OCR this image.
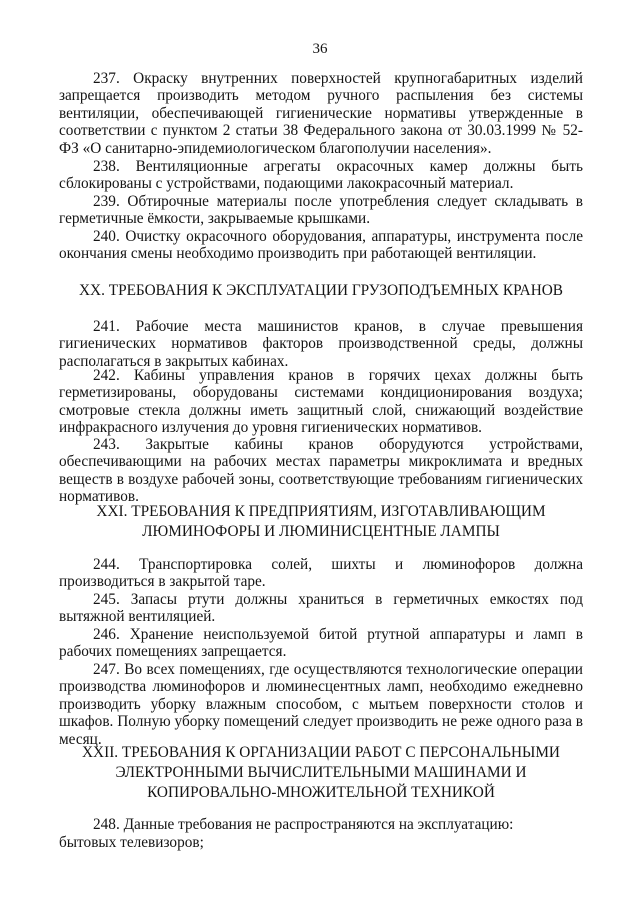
36
237. Окраску внутренних поверхностей крупногабаритных изделий запрещается производить методом ручного распыления без системы вентиляции, обеспечивающей гигиенические нормативы утвержденные в соответствии с пунктом 2 статьи 38 Федерального закона от 30.03.1999 № 52-ФЗ «О санитарно-эпидемиологическом благополучии населения».
238. Вентиляционные агрегаты окрасочных камер должны быть сблокированы с устройствами, подающими лакокрасочный материал.
239. Обтирочные материалы после употребления следует складывать в герметичные ёмкости, закрываемые крышками.
240. Очистку окрасочного оборудования, аппаратуры, инструмента после окончания смены необходимо производить при работающей вентиляции.
XX. ТРЕБОВАНИЯ К ЭКСПЛУАТАЦИИ ГРУЗОПОДЪЕМНЫХ КРАНОВ
241. Рабочие места машинистов кранов, в случае превышения гигиенических нормативов факторов производственной среды, должны располагаться в закрытых кабинах.
242. Кабины управления кранов в горячих цехах должны быть герметизированы, оборудованы системами кондиционирования воздуха; смотровые стекла должны иметь защитный слой, снижающий воздействие инфракрасного излучения до уровня гигиенических нормативов.
243. Закрытые кабины кранов оборудуются устройствами, обеспечивающими на рабочих местах параметры микроклимата и вредных веществ в воздухе рабочей зоны, соответствующие требованиям гигиенических нормативов.
XXI. ТРЕБОВАНИЯ К ПРЕДПРИЯТИЯМ, ИЗГОТАВЛИВАЮЩИМ
ЛЮМИНОФОРЫ И ЛЮМИНИСЦЕНТНЫЕ ЛАМПЫ
244. Транспортировка солей, шихты и люминофоров должна производиться в закрытой таре.
245. Запасы ртути должны храниться в герметичных емкостях под вытяжной вентиляцией.
246. Хранение неиспользуемой битой ртутной аппаратуры и ламп в рабочих помещениях запрещается.
247. Во всех помещениях, где осуществляются технологические операции производства люминофоров и люминесцентных ламп, необходимо ежедневно производить уборку влажным способом, с мытьем поверхности столов и шкафов. Полную уборку помещений следует производить не реже одного раза в месяц.
XXII. ТРЕБОВАНИЯ К ОРГАНИЗАЦИИ РАБОТ С ПЕРСОНАЛЬНЫМИ
ЭЛЕКТРОННЫМИ ВЫЧИСЛИТЕЛЬНЫМИ МАШИНАМИ И
КОПИРОВАЛЬНО-МНОЖИТЕЛЬНОЙ ТЕХНИКОЙ
248. Данные требования не распространяются на эксплуатацию:
бытовых телевизоров;
